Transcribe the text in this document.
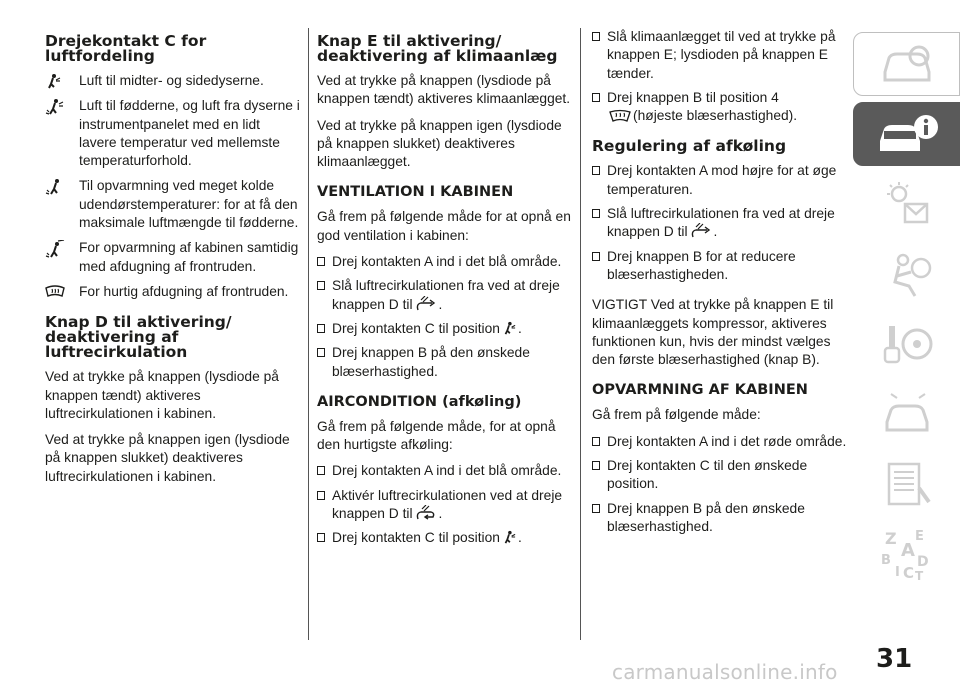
Drejekontakt C for luftfordeling
Luft til midter- og sidedyserne.
Luft til fødderne, og luft fra dyserne i instrumentpanelet med en lidt lavere temperatur ved mellemste temperaturforhold.
Til opvarmning ved meget kolde udendørstemperaturer: for at få den maksimale luftmængde til fødderne.
For opvarmning af kabinen samtidig med afdugning af frontruden.
For hurtig afdugning af frontruden.
Knap D til aktivering/ deaktivering af luftrecirkulation

Ved at trykke på knappen (lysdiode på knappen tændt) aktiveres luftrecirkulationen i kabinen.

Ved at trykke på knappen igen (lysdiode på knappen slukket) deaktiveres luftrecirkulationen i kabinen.

Knap E til aktivering/ deaktivering af klimaanlæg

Ved at trykke på knappen (lysdiode på knappen tændt) aktiveres klimaanlægget.

Ved at trykke på knappen igen (lysdiode på knappen slukket) deaktiveres klimaanlægget.

VENTILATION I KABINEN

Gå frem på følgende måde for at opnå en god ventilation i kabinen:

Drej kontakten A ind i det blå område.
Slå luftrecirkulationen fra ved at dreje knappen D til .
Drej kontakten C til position .
Drej knappen B på den ønskede blæserhastighed.
AIRCONDITION (afkøling)

Gå frem på følgende måde, for at opnå den hurtigste afkøling:

Drej kontakten A ind i det blå område.
Aktivér luftrecirkulationen ved at dreje knappen D til .
Drej kontakten C til position .
Slå klimaanlægget til ved at trykke på knappen E; lysdioden på knappen E tænder.
Drej knappen B til position 4
(højeste blæserhastighed).
Regulering af afkøling
Drej kontakten A mod højre for at øge temperaturen.
Slå luftrecirkulationen fra ved at dreje knappen D til .
Drej knappen B for at reducere blæserhastigheden.

VIGTIGT Ved at trykke på knappen E til klimaanlæggets kompressor, aktiveres funktionen kun, hvis der mindst vælges den første blæserhastighed (knap B).

OPVARMNING AF KABINEN

Gå frem på følgende måde:

Drej kontakten A ind i det røde område.
Drej kontakten C til den ønskede position.
Drej knappen B på den ønskede blæserhastighed.
Z E
A
B D
I C T
31
carmanualsonline.info
